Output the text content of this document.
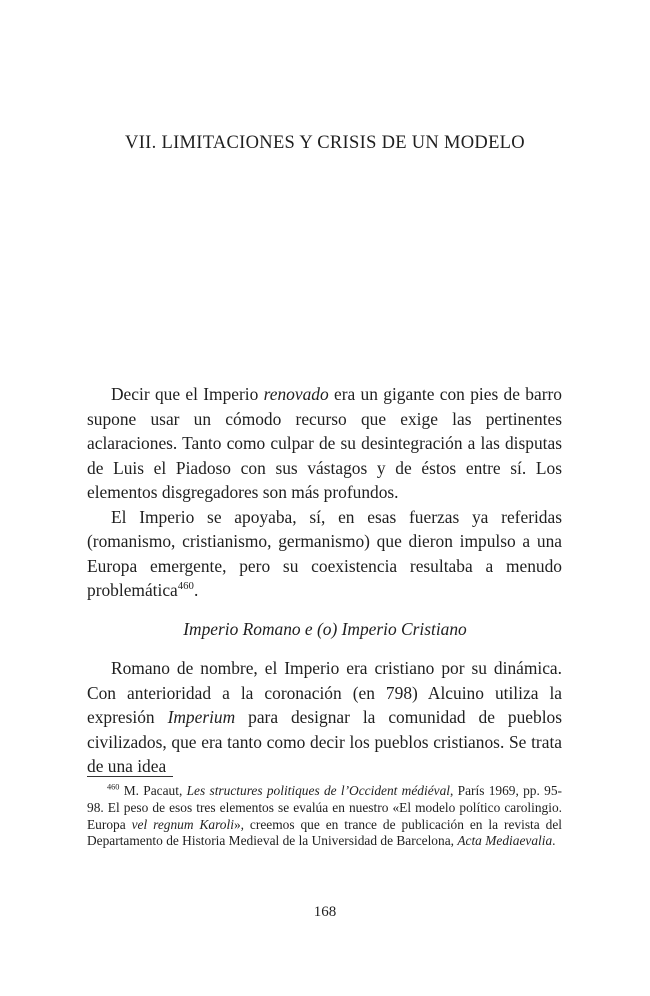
VII. LIMITACIONES Y CRISIS DE UN MODELO

Decir que el Imperio renovado era un gigante con pies de barro supone usar un cómodo recurso que exige las pertinentes aclaraciones. Tanto como culpar de su desintegración a las disputas de Luis el Piadoso con sus vástagos y de éstos entre sí. Los elementos disgregadores son más profundos.

El Imperio se apoyaba, sí, en esas fuerzas ya referidas (romanismo, cristianismo, germanismo) que dieron impulso a una Europa emergente, pero su coexistencia resultaba a menudo problemática$^{460}$.

Imperio Romano e (o) Imperio Cristiano

Romano de nombre, el Imperio era cristiano por su dinámica. Con anterioridad a la coronación (en 798) Alcuino utiliza la expresión Imperium para designar la comunidad de pueblos civilizados, que era tanto como decir los pueblos cristianos. Se trata de una idea

$^{460}$ M. Pacaut, Les structures politiques de l’Occident médiéval, París 1969, pp. 95-98. El peso de esos tres elementos se evalúa en nuestro «El modelo político carolingio. Europa vel regnum Karoli», creemos que en trance de publicación en la revista del Departamento de Historia Medieval de la Universidad de Barcelona, Acta Mediaevalia.

168
